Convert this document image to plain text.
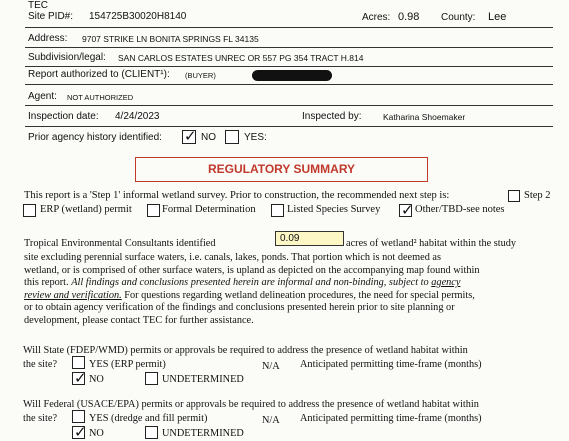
TEC
Site PID#: 154725B30020H8140	Acres: 0.98 County: Lee
Address: 9707 STRIKE LN BONITA SPRINGS FL 34135
Subdivision/legal: SAN CARLOS ESTATES UNREC OR 557 PG 354 TRACT H.814
Report authorized to (CLIENT¹): (BUYER)
Agent: NOT AUTHORIZED
Inspection date: 4/24/2023	Inspected by:	Katharina Shoemaker
Prior agency history identified: ✓ NO	YES:
REGULATORY SUMMARY
This report is a 'Step 1' informal wetland survey. Prior to construction, the recommended next step is:	Step 2
ERP (wetland) permit	Formal Determination	Listed Species Survey ✓ Other/TBD-see notes
Tropical Environmental Consultants identified	0.09	acres of wetland² habitat within the study
site excluding perennial surface waters, i.e. canals, lakes, ponds. That portion which is not deemed as
wetland, or is comprised of other surface waters, is upland as depicted on the accompanying map found within
this report. All findings and conclusions presented herein are informal and non-binding, subject to agency
review and verification. For questions regarding wetland delineation procedures, the need for special permits,
or to obtain agency verification of the findings and conclusions presented herein prior to site planning or
development, please contact TEC for further assistance.
Will State (FDEP/WMD) permits or approvals be required to address the presence of wetland habitat within
the site?	YES (ERP permit)	N/A Anticipated permitting time-frame (months)
✓ NO	UNDETERMINED
Will Federal (USACE/EPA) permits or approvals be required to address the presence of wetland habitat within
the site?	YES (dredge and fill permit)	N/A Anticipated permitting time-frame (months)
✓ NO	UNDETERMINED
